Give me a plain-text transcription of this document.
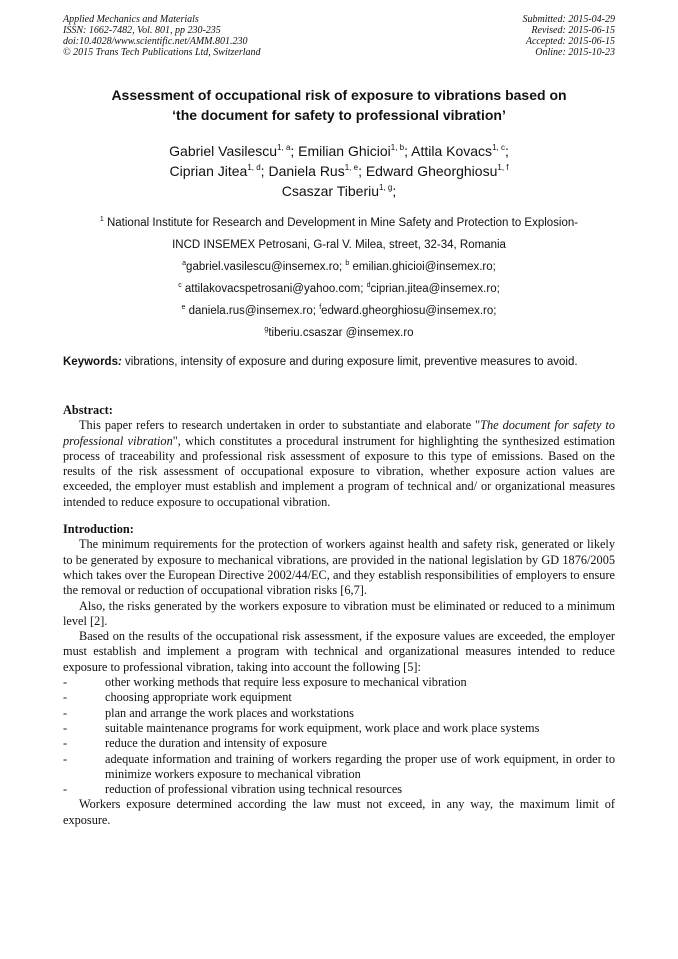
Applied Mechanics and Materials
ISSN: 1662-7482, Vol. 801, pp 230-235
doi:10.4028/www.scientific.net/AMM.801.230
© 2015 Trans Tech Publications Ltd, Switzerland
Submitted: 2015-04-29
Revised: 2015-06-15
Accepted: 2015-06-15
Online: 2015-10-23
Assessment of occupational risk of exposure to vibrations based on
‘the document for safety to professional vibration’
Gabriel Vasilescu$^{1, a}$; Emilian Ghicioi$^{1, b}$; Attila Kovacs$^{1, c}$;
Ciprian Jitea$^{1, d}$; Daniela Rus$^{1, e}$; Edward Gheorghiosu$^{1, f}$
Csaszar Tiberiu$^{1, g}$;
$^1$ National Institute for Research and Development in Mine Safety and Protection to Explosion-
INCD INSEMEX Petrosani, G-ral V. Milea, street, 32-34, Romania
$^a$gabriel.vasilescu@insemex.ro; $^b$ emilian.ghicioi@insemex.ro;
$^c$ attilakovacspetrosani@yahoo.com; $^d$ciprian.jitea@insemex.ro;
$^e$ daniela.rus@insemex.ro; $^f$edward.gheorghiosu@insemex.ro;
$^g$tiberiu.csaszar @insemex.ro
Keywords: vibrations, intensity of exposure and during exposure limit, preventive measures to avoid.
Abstract:

This paper refers to research undertaken in order to substantiate and elaborate "The document for safety to professional vibration", which constitutes a procedural instrument for highlighting the synthesized estimation process of traceability and professional risk assessment of exposure to this type of emissions. Based on the results of the risk assessment of occupational exposure to vibration, whether exposure action values are exceeded, the employer must establish and implement a program of technical and/ or organizational measures intended to reduce exposure to occupational vibration.

Introduction:

The minimum requirements for the protection of workers against health and safety risk, generated or likely to be generated by exposure to mechanical vibrations, are provided in the national legislation by GD 1876/2005 which takes over the European Directive 2002/44/EC, and they establish responsibilities of employers to ensure the removal or reduction of occupational vibration risks [6,7].

Also, the risks generated by the workers exposure to vibration must be eliminated or reduced to a minimum level [2].

Based on the results of the occupational risk assessment, if the exposure values are exceeded, the employer must establish and implement a program with technical and organizational measures intended to reduce exposure to professional vibration, taking into account the following [5]:

-	other working methods that require less exposure to mechanical vibration
-	choosing appropriate work equipment
-	plan and arrange the work places and workstations
-	suitable maintenance programs for work equipment, work place and work place systems
-	reduce the duration and intensity of exposure
-	adequate information and training of workers regarding the proper use of work equipment, in order to minimize workers exposure to mechanical vibration
-	reduction of professional vibration using technical resources

Workers exposure determined according the law must not exceed, in any way, the maximum limit of exposure.
